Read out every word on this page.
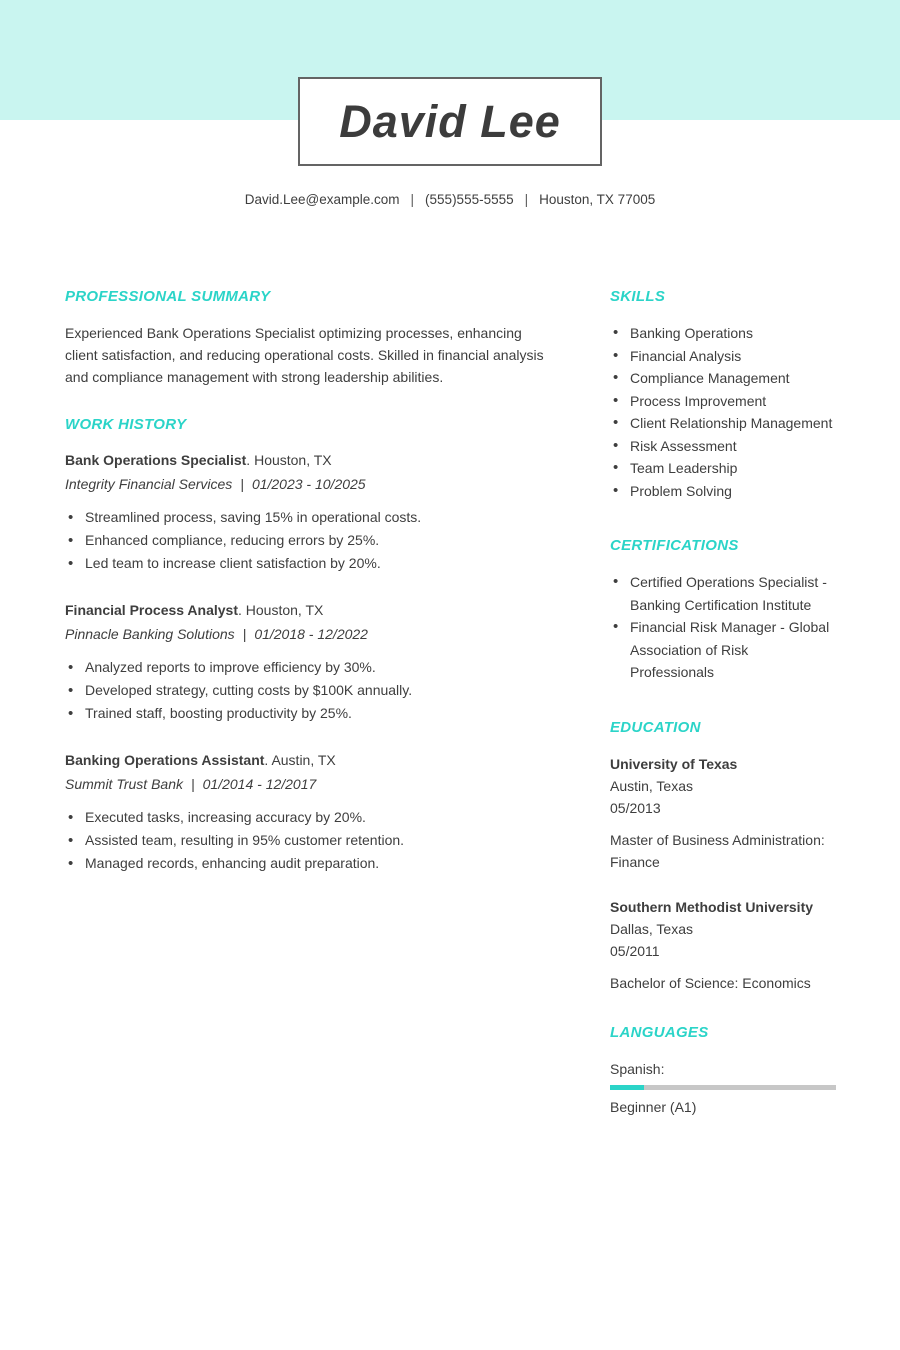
David Lee
David.Lee@example.com | (555)555-5555 | Houston, TX 77005
PROFESSIONAL SUMMARY

Experienced Bank Operations Specialist optimizing processes, enhancing client satisfaction, and reducing operational costs. Skilled in financial analysis and compliance management with strong leadership abilities.

WORK HISTORY

Bank Operations Specialist. Houston, TX

Integrity Financial Services | 01/2023 - 10/2025

• Streamlined process, saving 15% in operational costs.
• Enhanced compliance, reducing errors by 25%.
• Led team to increase client satisfaction by 20%.

Financial Process Analyst. Houston, TX

Pinnacle Banking Solutions | 01/2018 - 12/2022

• Analyzed reports to improve efficiency by 30%.
• Developed strategy, cutting costs by $100K annually.
• Trained staff, boosting productivity by 25%.

Banking Operations Assistant. Austin, TX

Summit Trust Bank | 01/2014 - 12/2017

• Executed tasks, increasing accuracy by 20%.
• Assisted team, resulting in 95% customer retention.
• Managed records, enhancing audit preparation.
SKILLS
• Banking Operations
• Financial Analysis
• Compliance Management
• Process Improvement
• Client Relationship Management
• Risk Assessment
• Team Leadership
• Problem Solving
CERTIFICATIONS
• Certified Operations Specialist - Banking Certification Institute
• Financial Risk Manager - Global Association of Risk Professionals
EDUCATION
University of Texas
Austin, Texas
05/2013
Master of Business Administration: Finance
Southern Methodist University
Dallas, Texas
05/2011
Bachelor of Science: Economics
LANGUAGES
Spanish:
Beginner (A1)
